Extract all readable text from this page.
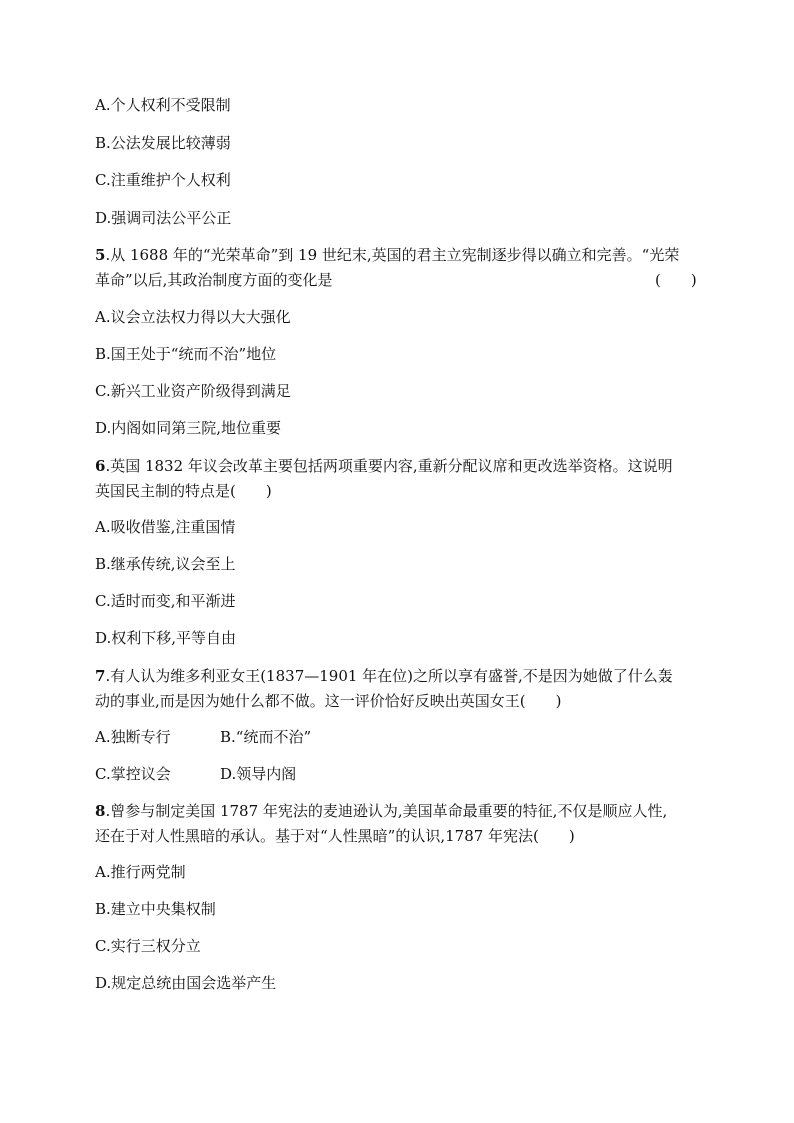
A.个人权利不受限制
B.公法发展比较薄弱
C.注重维护个人权利
D.强调司法公平公正
5.从 1688 年的“光荣革命”到 19 世纪末,英国的君主立宪制逐步得以确立和完善。“光荣
革命”以后,其政治制度方面的变化是	(　　)
A.议会立法权力得以大大强化
B.国王处于“统而不治”地位
C.新兴工业资产阶级得到满足
D.内阁如同第三院,地位重要
6.英国 1832 年议会改革主要包括两项重要内容,重新分配议席和更改选举资格。这说明
英国民主制的特点是(　　)
A.吸收借鉴,注重国情
B.继承传统,议会至上
C.适时而变,和平渐进
D.权利下移,平等自由
7.有人认为维多利亚女王(1837—1901 年在位)之所以享有盛誉,不是因为她做了什么轰
动的事业,而是因为她什么都不做。这一评价恰好反映出英国女王(　　)
A.独断专行	B.“统而不治”
C.掌控议会	D.领导内阁
8.曾参与制定美国 1787 年宪法的麦迪逊认为,美国革命最重要的特征,不仅是顺应人性,
还在于对人性黑暗的承认。基于对“人性黑暗”的认识,1787 年宪法(　　)
A.推行两党制
B.建立中央集权制
C.实行三权分立
D.规定总统由国会选举产生
